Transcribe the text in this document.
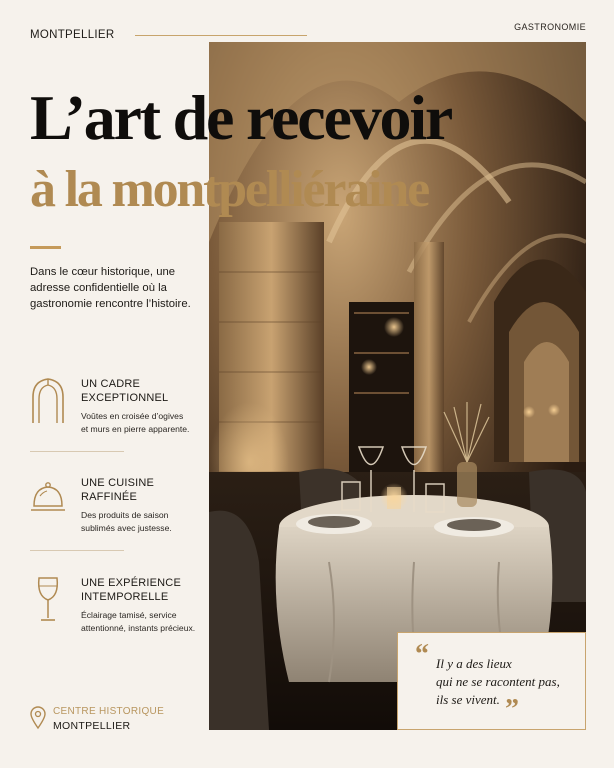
MONTPELLIER
GASTRONOMIE
L’art de recevoir
à la montpelliéraine

Dans le cœur historique, une adresse confidentielle où la gastronomie rencontre l’histoire.

UN CADRE
EXCEPTIONNEL
Voûtes en croisée d’ogives
et murs en pierre apparente.
UNE CUISINE
RAFFINÉE
Des produits de saison
sublimés avec justesse.
UNE EXPÉRIENCE
INTEMPORELLE
Éclairage tamisé, service
attentionné, instants précieux.
CENTRE HISTORIQUE
MONTPELLIER
“ Il y a des lieux
qui ne se racontent pas,
ils se vivent. ”
